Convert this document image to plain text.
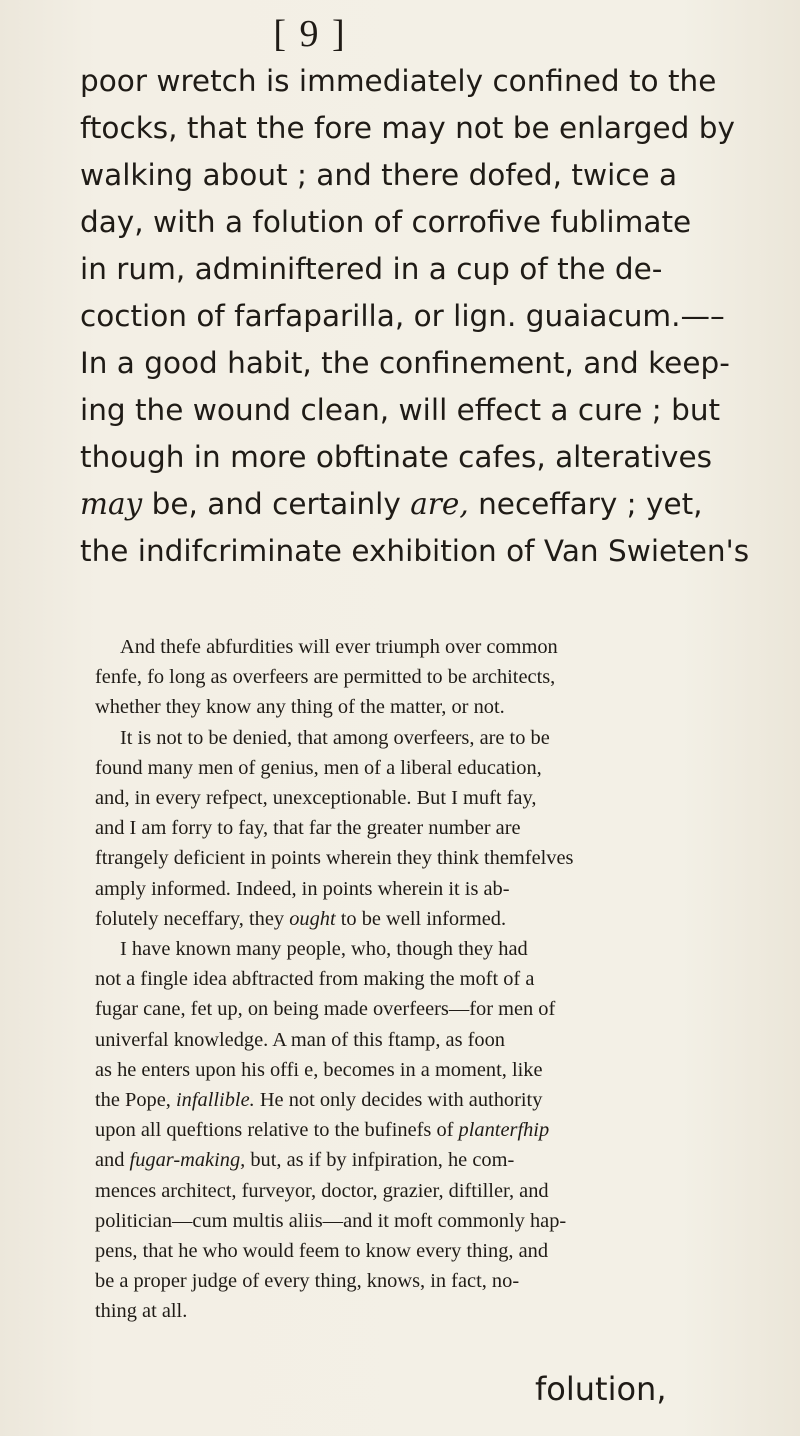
[ 9 ]

poor wretch is immediately confined to the

ftocks, that the fore may not be enlarged by

walking about ; and there dofed, twice a

day, with a folution of corrofive fublimate

in rum, adminiftered in a cup of the de-

coction of farfaparilla, or lign. guaiacum.—–

In a good habit, the confinement, and keep-

ing the wound clean, will effect a cure ; but

though in more obftinate cafes, alteratives

may be, and certainly are, neceffary ; yet,

the indifcriminate exhibition of Van Swieten's

And thefe abfurdities will ever triumph over common

fenfe, fo long as overfeers are permitted to be architects,

whether they know any thing of the matter, or not.

It is not to be denied, that among overfeers, are to be

found many men of genius, men of a liberal education,

and, in every refpect, unexceptionable. But I muft fay,

and I am forry to fay, that far the greater number are

ftrangely deficient in points wherein they think themfelves

amply informed. Indeed, in points wherein it is ab-

folutely neceffary, they ought to be well informed.

I have known many people, who, though they had

not a fingle idea abftracted from making the moft of a

fugar cane, fet up, on being made overfeers—for men of

univerfal knowledge. A man of this ftamp, as foon

as he enters upon his offi e, becomes in a moment, like

the Pope, infallible. He not only decides with authority

upon all queftions relative to the bufinefs of planterfhip

and fugar-making, but, as if by infpiration, he com-

mences architect, furveyor, doctor, grazier, diftiller, and

politician—cum multis aliis—and it moft commonly hap-

pens, that he who would feem to know every thing, and

be a proper judge of every thing, knows, in fact, no-

thing at all.

folution,
